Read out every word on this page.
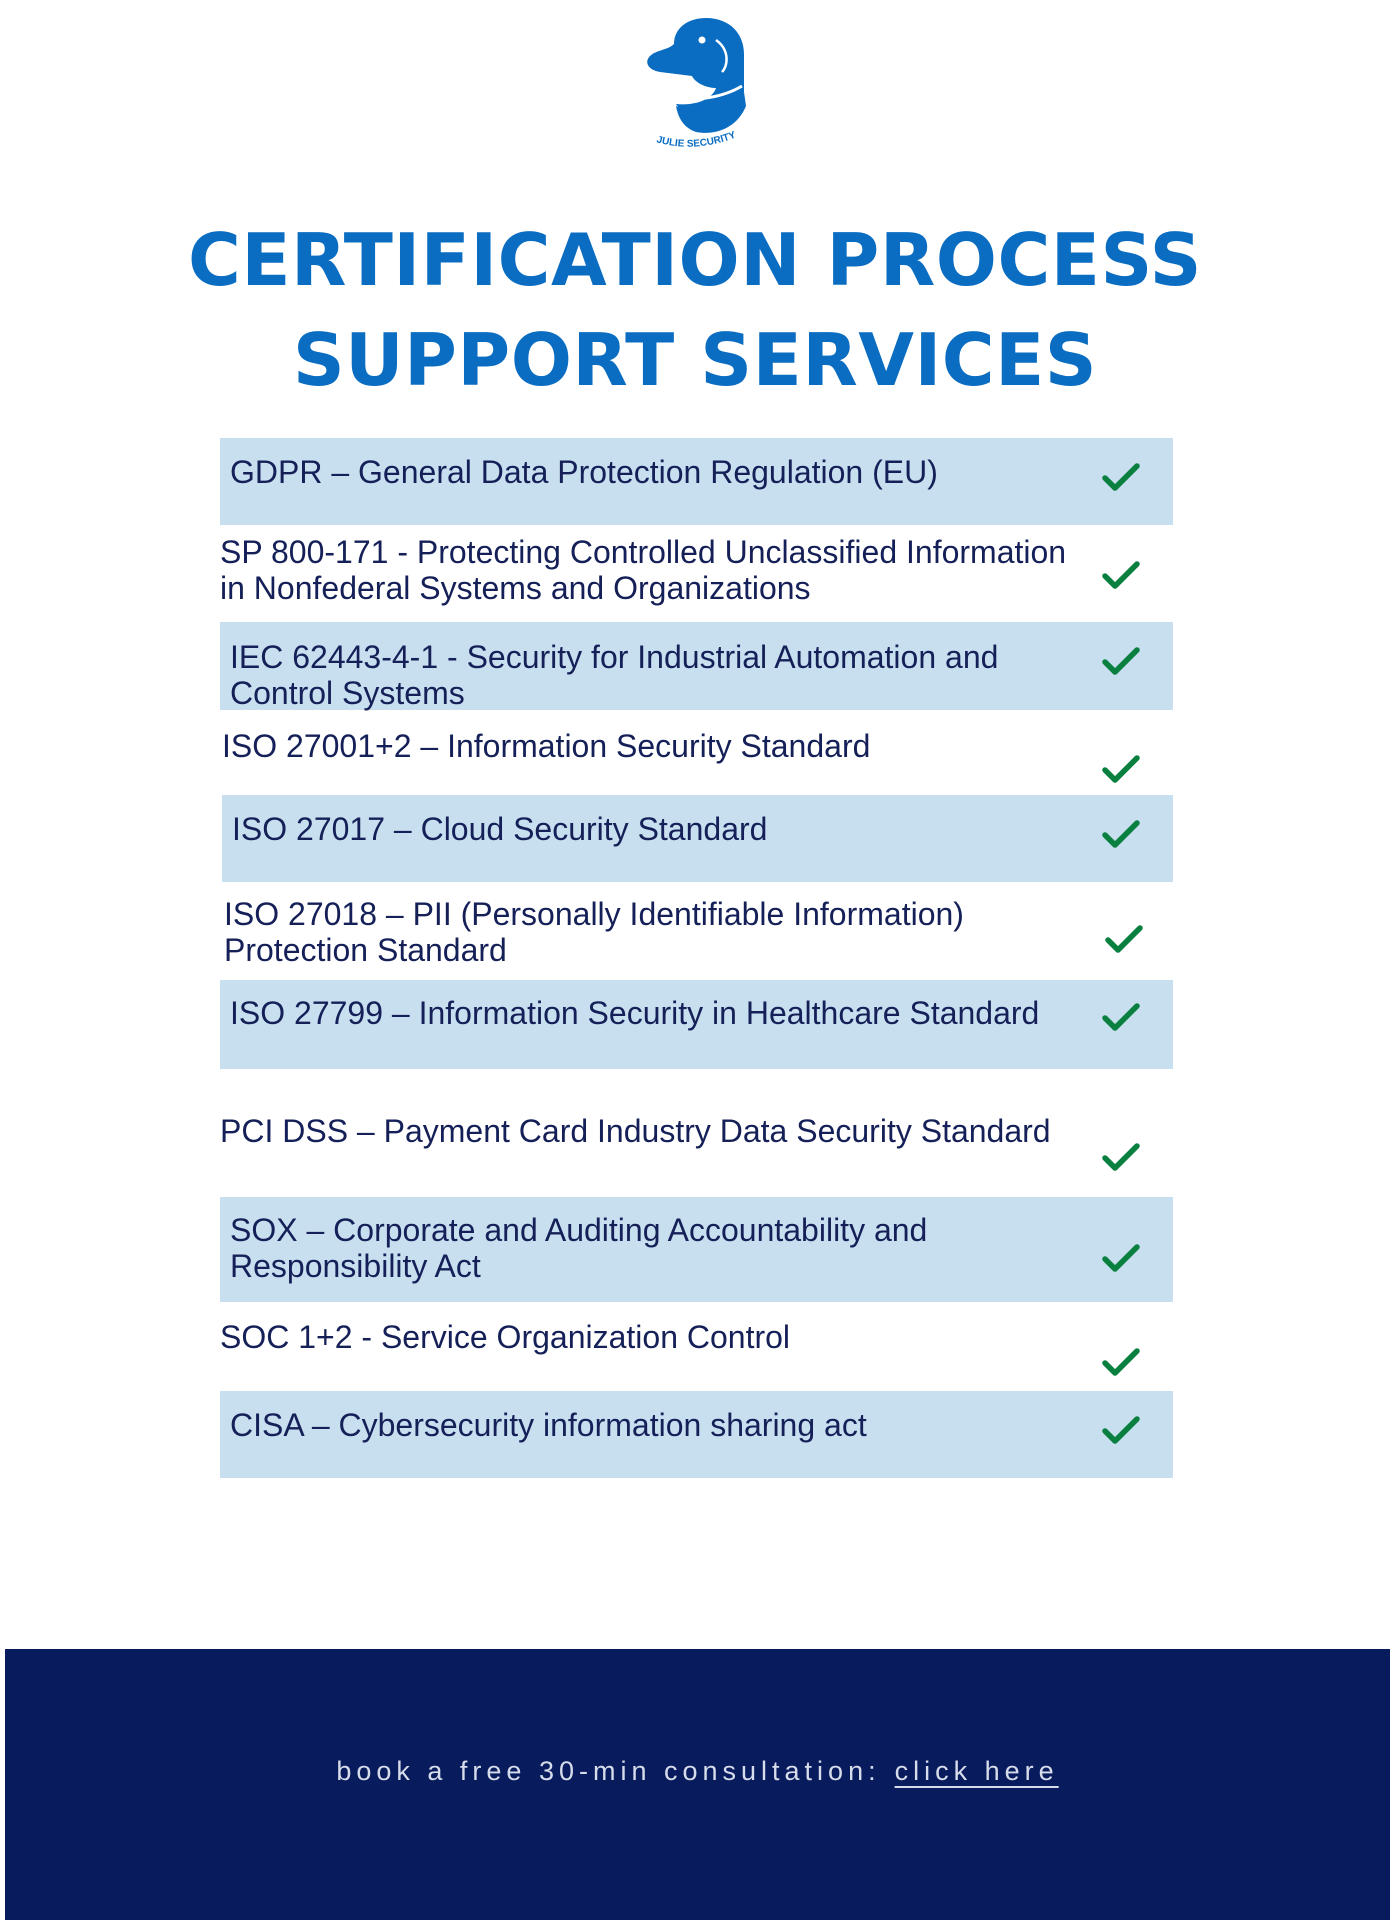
JULIE SECURITY
CERTIFICATION PROCESS
SUPPORT SERVICES
GDPR – General Data Protection Regulation (EU)
SP 800-171 - Protecting Controlled Unclassified Information in Nonfederal Systems and Organizations
IEC 62443-4-1 - Security for Industrial Automation and Control Systems
ISO 27001+2 – Information Security Standard
ISO 27017 – Cloud Security Standard
ISO 27018 – PII (Personally Identifiable Information) Protection Standard
ISO 27799 – Information Security in Healthcare Standard
PCI DSS – Payment Card Industry Data Security Standard
SOX – Corporate and Auditing Accountability and Responsibility Act
SOC 1+2 - Service Organization Control
CISA – Cybersecurity information sharing act
book a free 30-min consultation: click here
